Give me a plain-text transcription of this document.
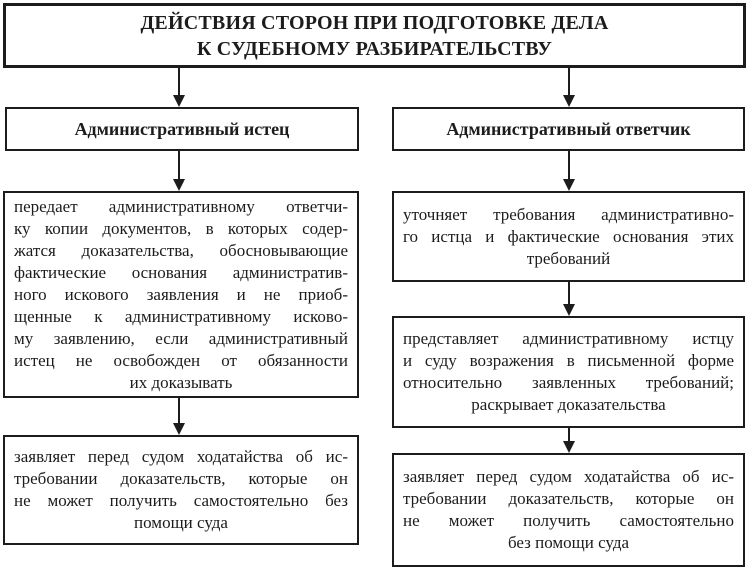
ДЕЙСТВИЯ СТОРОН ПРИ ПОДГОТОВКЕ ДЕЛА
К СУДЕБНОМУ РАЗБИРАТЕЛЬСТВУ
Административный истец	Административный ответчик
передает административному ответчи-
ку копии документов, в которых содер-
жатся доказательства, обосновывающие
фактические основания административ-
ного искового заявления и не приоб-
щенные к административному исково-
му заявлению, если административный
истец не освобожден от обязанности
их доказывать
заявляет перед судом ходатайства об ис-
требовании доказательств, которые он
не может получить самостоятельно без
помощи суда
уточняет требования административно-
го истца и фактические основания этих
требований
представляет административному истцу
и суду возражения в письменной форме
относительно заявленных требований;
раскрывает доказательства
заявляет перед судом ходатайства об ис-
требовании доказательств, которые он
не может получить самостоятельно
без помощи суда
